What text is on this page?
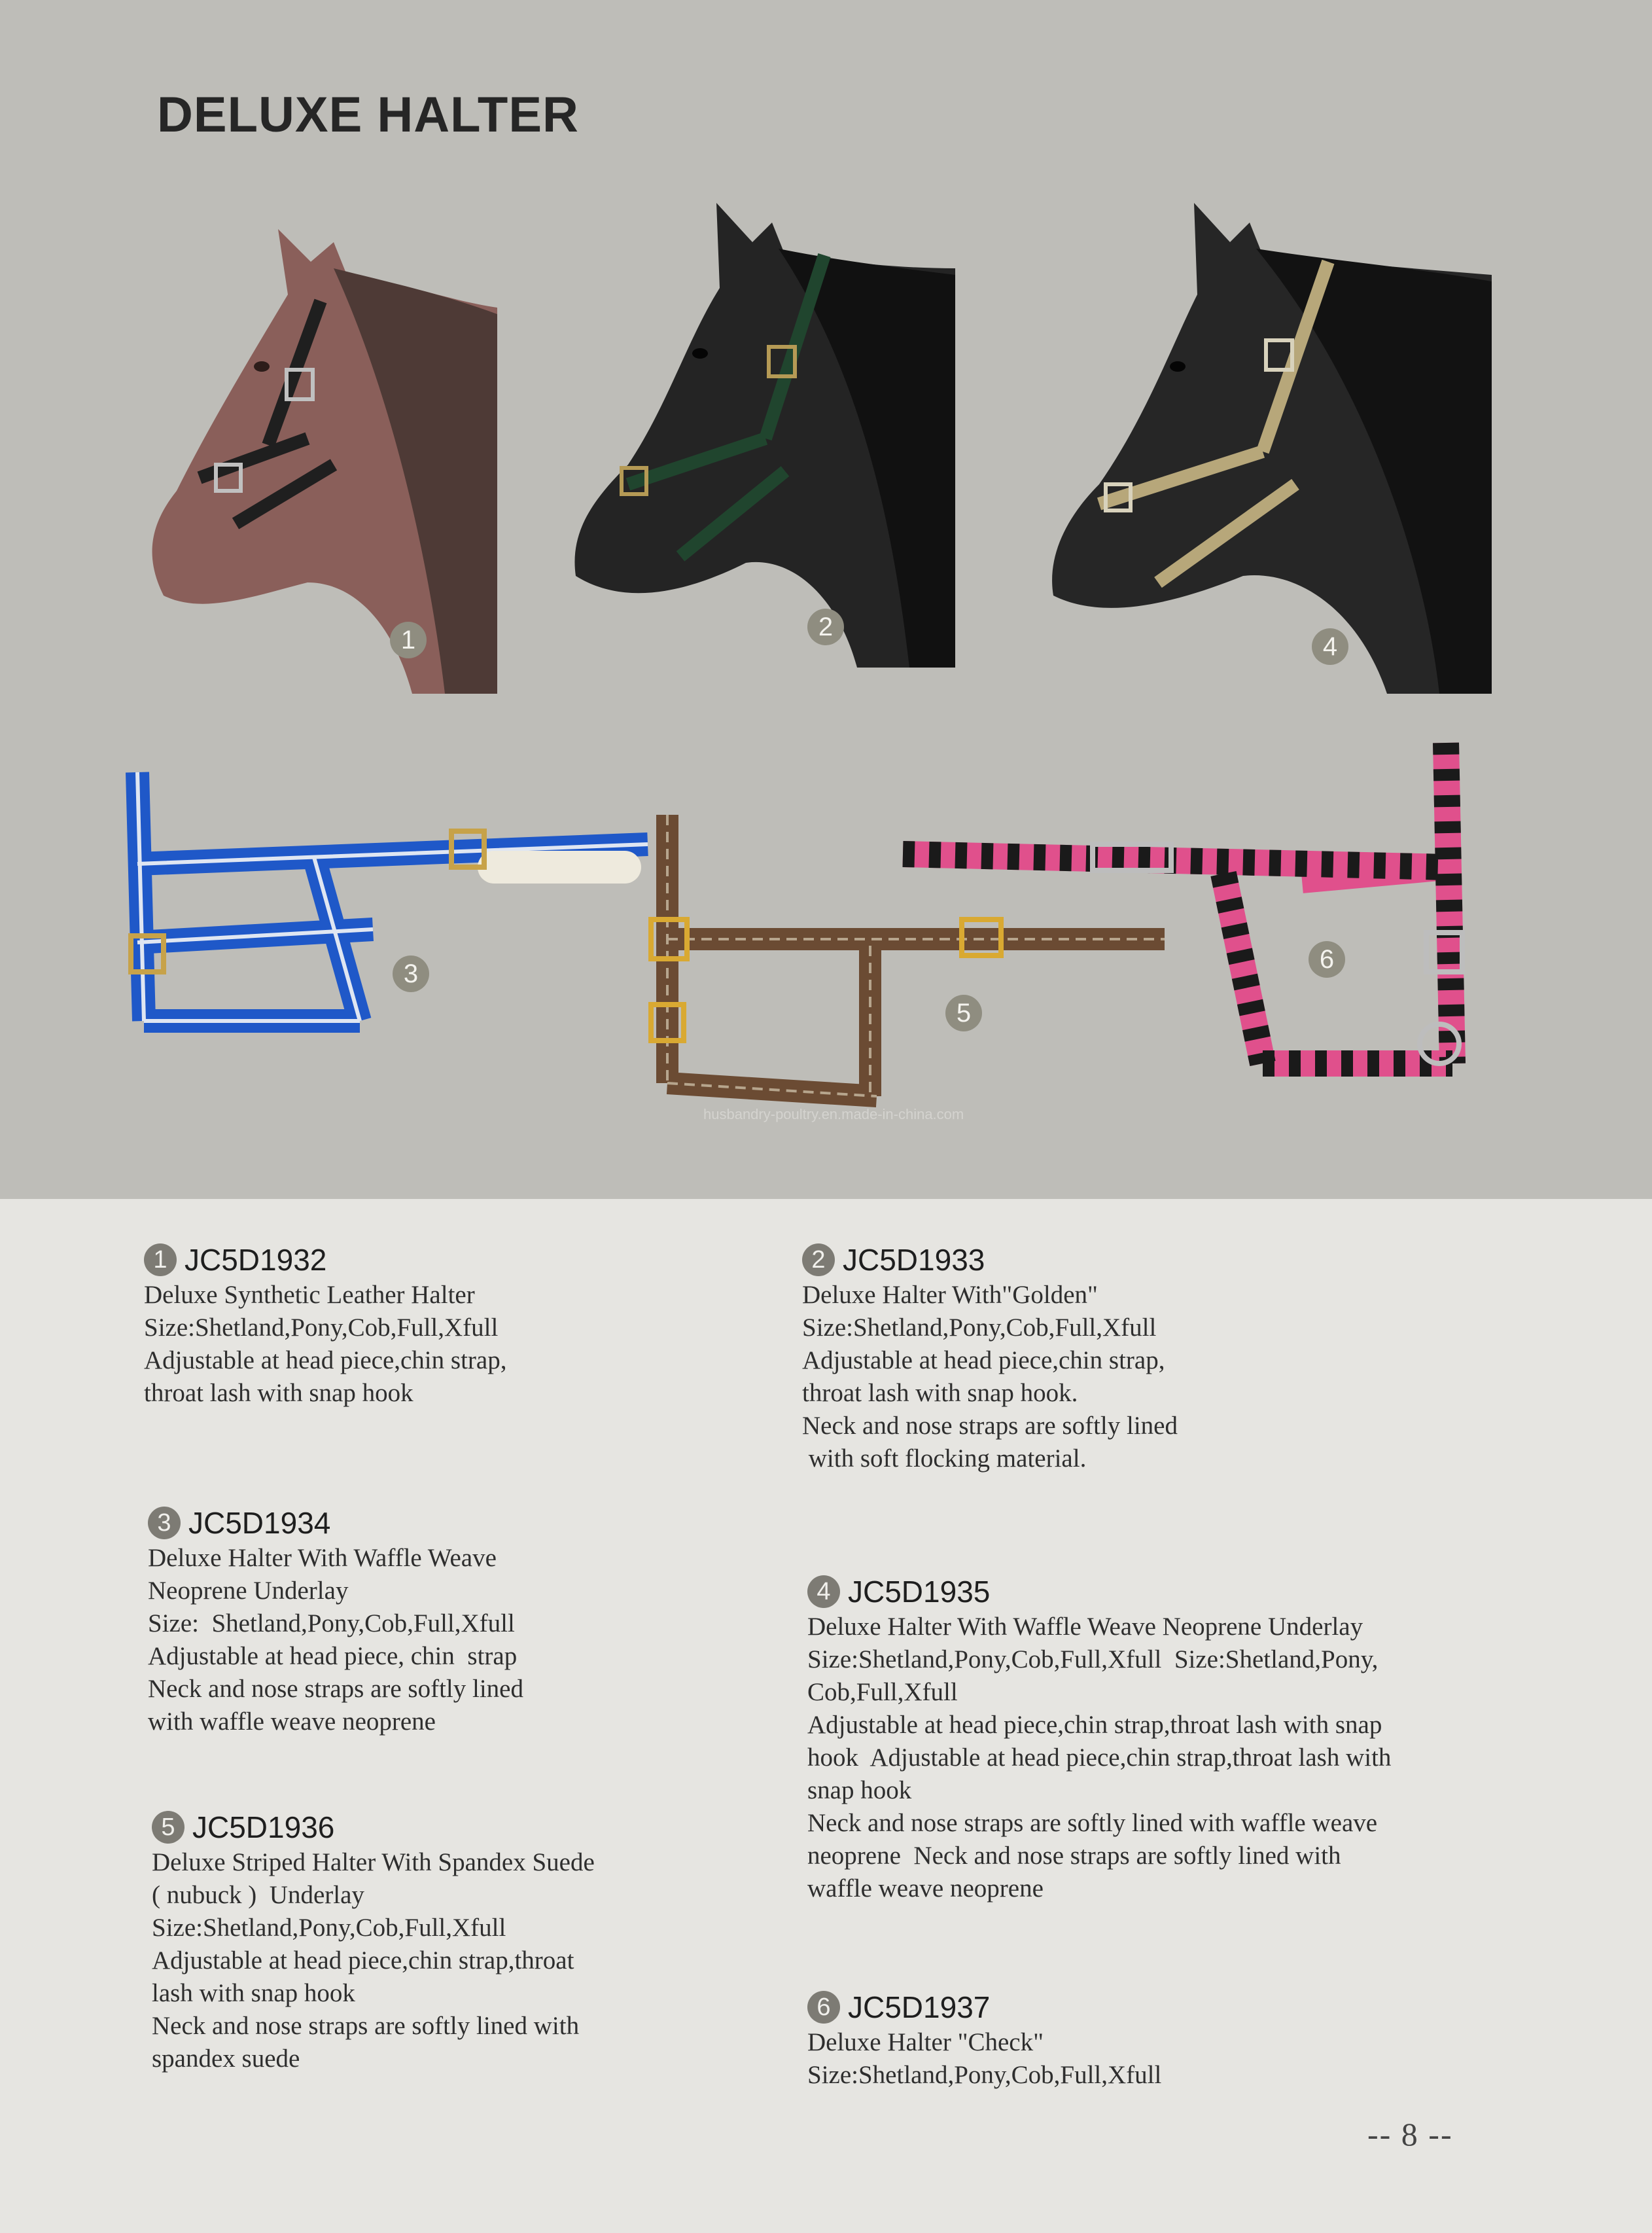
DELUXE HALTER
1	2
4
3
5
6
husbandry-poultry.en.made-in-china.com
1 JC5D1932
Deluxe Synthetic Leather Halter
Size:Shetland,Pony,Cob,Full,Xfull
Adjustable at head piece,chin strap,
throat lash with snap hook
2 JC5D1933
Deluxe Halter With"Golden"
Size:Shetland,Pony,Cob,Full,Xfull
Adjustable at head piece,chin strap,
throat lash with snap hook.
Neck and nose straps are softly lined
with soft flocking material.
3 JC5D1934
Deluxe Halter With Waffle Weave
Neoprene Underlay
Size:  Shetland,Pony,Cob,Full,Xfull
Adjustable at head piece, chin  strap
Neck and nose straps are softly lined
with waffle weave neoprene
4 JC5D1935
Deluxe Halter With Waffle Weave Neoprene Underlay
Size:Shetland,Pony,Cob,Full,Xfull  Size:Shetland,Pony,
Cob,Full,Xfull
Adjustable at head piece,chin strap,throat lash with snap
hook  Adjustable at head piece,chin strap,throat lash with
snap hook
Neck and nose straps are softly lined with waffle weave
neoprene  Neck and nose straps are softly lined with
waffle weave neoprene
5 JC5D1936
Deluxe Striped Halter With Spandex Suede
( nubuck )  Underlay
Size:Shetland,Pony,Cob,Full,Xfull
Adjustable at head piece,chin strap,throat
lash with snap hook
Neck and nose straps are softly lined with
spandex suede
6 JC5D1937
Deluxe Halter "Check"
Size:Shetland,Pony,Cob,Full,Xfull
-- 8 --
